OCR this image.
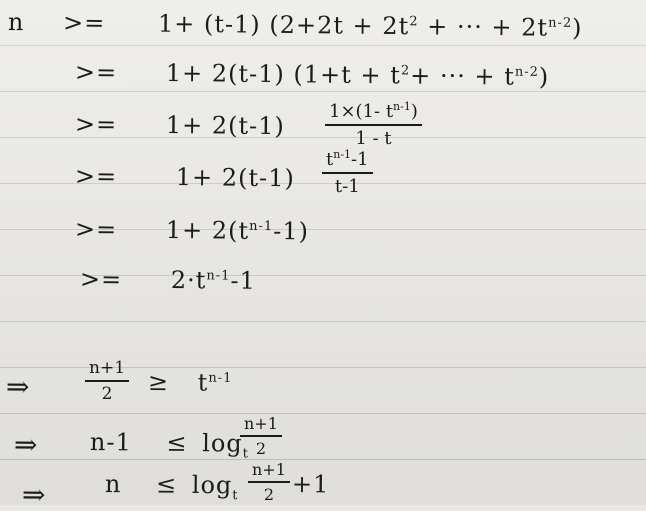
n >= 1+ (t-1) ($2+2t + 2t^2$ + ··· + $2t^{n-2}$)
>= 1+ 2(t-1) ($1+t + t^2+$ ··· + $t^{n-2}$)
>= 1+ 2(t-1) 1×(1- $t^{n-1}$)
1 - t
>= 1+ 2(t-1)
$t^{n-1}-1$
t-1
>= $1+ 2(t^{n-1}-1)$
>= $2\cdot t^{n-1}-1$
⇒
n+1
2	≥ $t^{n-1}$
⇒ $n-1 \le \log_t$
n+1
2
⇒ $n \le \log_t$
n+1
2 +1
